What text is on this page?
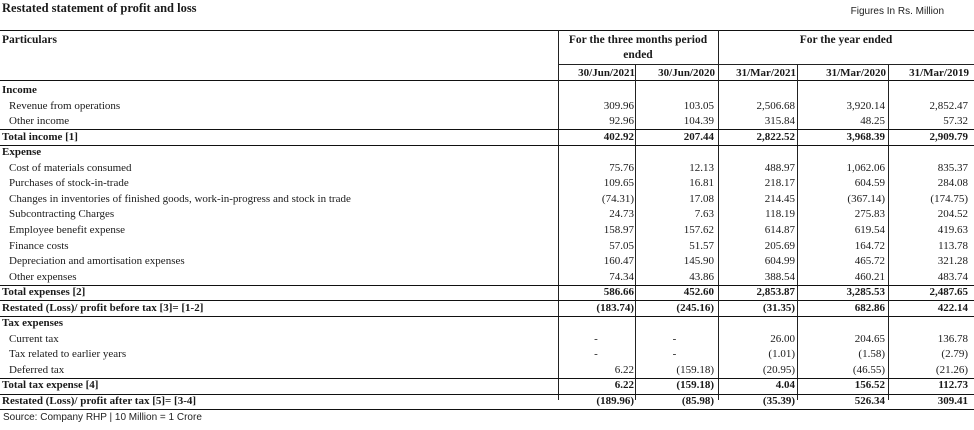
Restated statement of profit and loss	Figures In Rs. Million
Particulars	For the three months period
ended
For the year ended
30/Jun/2021	30/Jun/2020	31/Mar/2021	31/Mar/2020	31/Mar/2019
Income
Revenue from operations	309.96	103.05	2,506.68	3,920.14	2,852.47
Other income	92.96	104.39	315.84	48.25	57.32
Total income [1]	402.92	207.44	2,822.52	3,968.39	2,909.79
Expense
Cost of materials consumed	75.76	12.13	488.97	1,062.06	835.37
Purchases of stock-in-trade	109.65	16.81	218.17	604.59	284.08
Changes in inventories of finished goods, work-in-progress and stock in trade	(74.31)	17.08	214.45	(367.14)	(174.75)
Subcontracting Charges	24.73	7.63	118.19	275.83	204.52
Employee benefit expense	158.97	157.62	614.87	619.54	419.63
Finance costs	57.05	51.57	205.69	164.72	113.78
Depreciation and amortisation expenses	160.47	145.90	604.99	465.72	321.28
Other expenses	74.34	43.86	388.54	460.21	483.74
Total expenses [2]	586.66	452.60	2,853.87	3,285.53	2,487.65
Restated (Loss)/ profit before tax [3]= [1-2]	(183.74)	(245.16)	(31.35)	682.86	422.14
Tax expenses
Current tax	-	-	26.00	204.65	136.78
Tax related to earlier years	-	-	(1.01)	(1.58)	(2.79)
Deferred tax	6.22	(159.18)	(20.95)	(46.55)	(21.26)
Total tax expense [4]	6.22	(159.18)	4.04	156.52	112.73
Restated (Loss)/ profit after tax [5]= [3-4]	(189.96)	(85.98)	(35.39)	526.34	309.41
Source: Company RHP | 10 Million = 1 Crore
